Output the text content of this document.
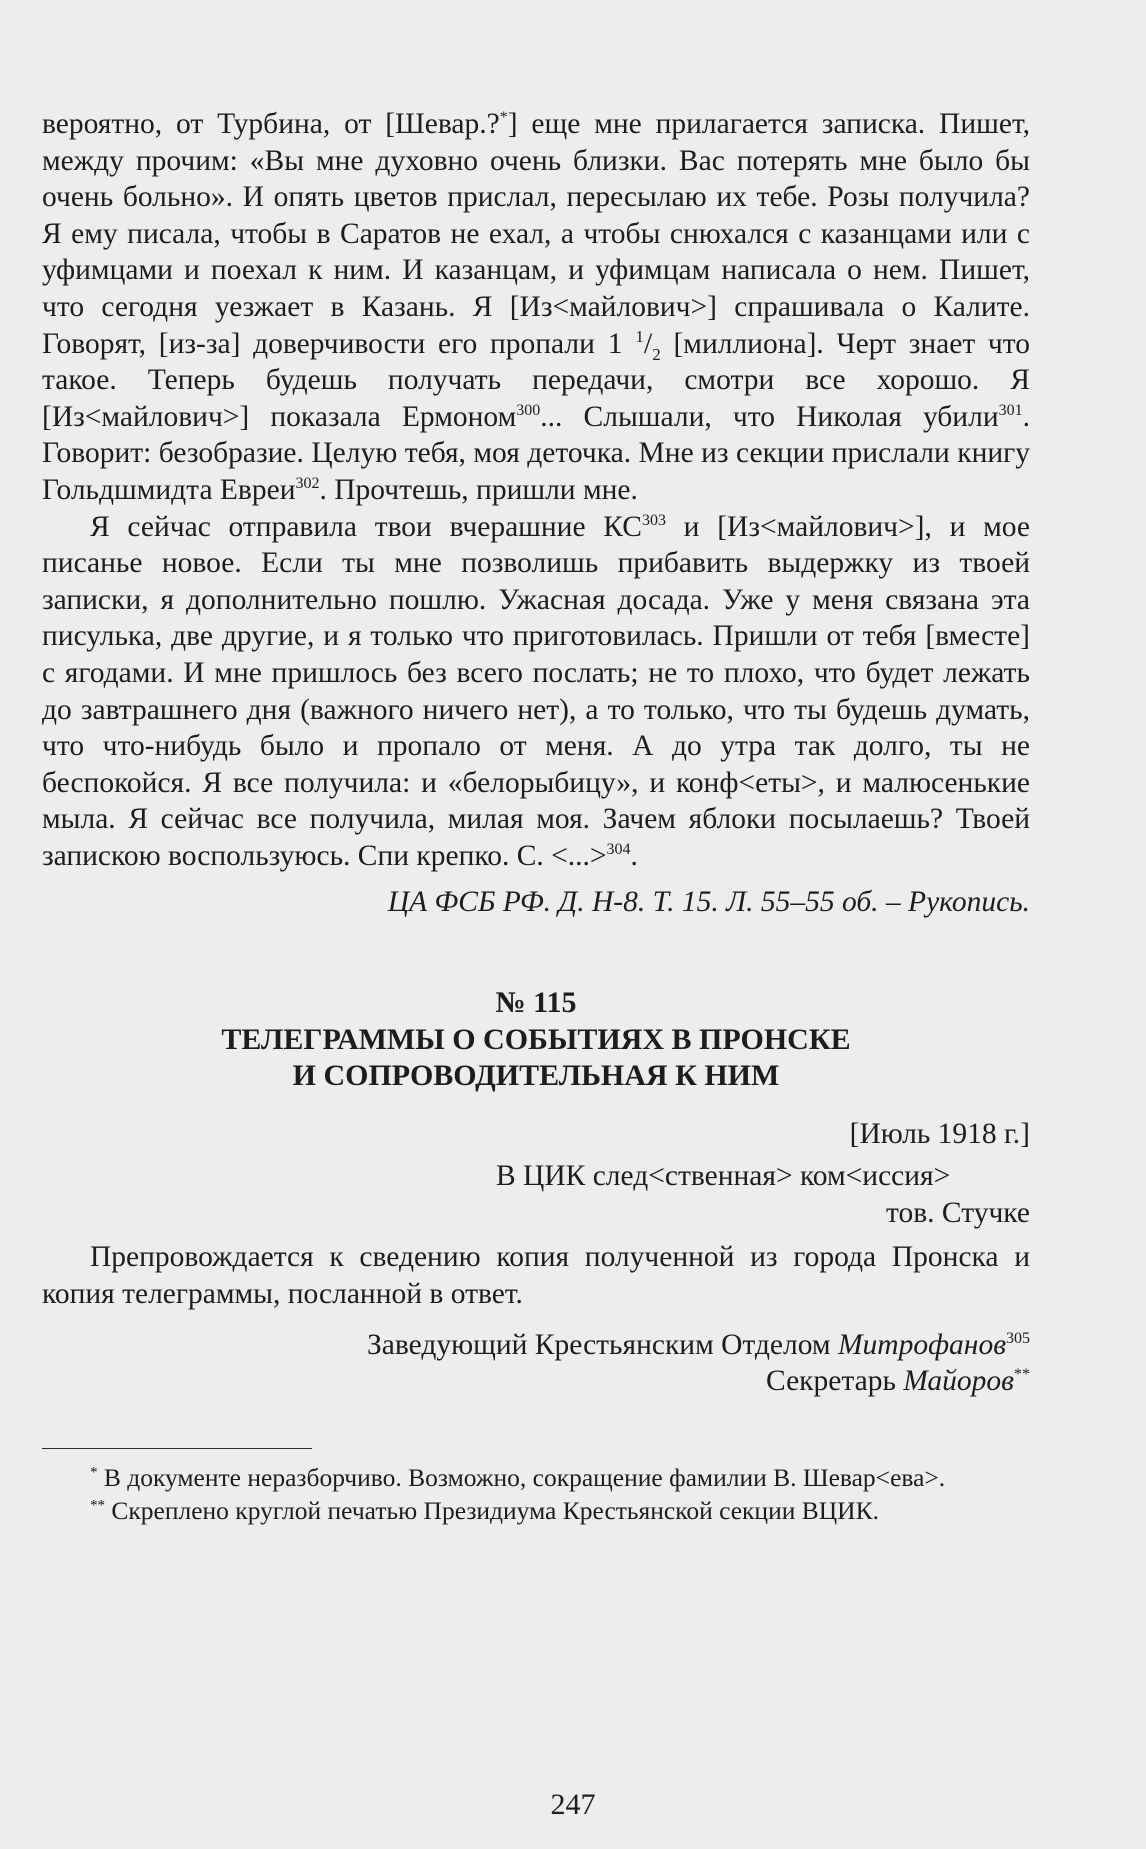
вероятно, от Турбина, от [Шевар.?*] еще мне прилагается записка. Пишет, между прочим: «Вы мне духовно очень близки. Вас потерять мне было бы очень больно». И опять цветов прислал, пересылаю их тебе. Розы получила? Я ему писала, чтобы в Саратов не ехал, а чтобы снюхался с казанцами или с уфимцами и поехал к ним. И казанцам, и уфимцам написала о нем. Пишет, что сегодня уезжает в Казань. Я [Из<майлович>] спрашивала о Калите. Говорят, [из-за] доверчивости его пропали 1 $^1/_2$ [миллиона]. Черт знает что такое. Теперь будешь получать передачи, смотри все хорошо. Я [Из<майлович>] показала Ермоном$^{300}$... Слышали, что Николая убили$^{301}$. Говорит: безобразие. Целую тебя, моя деточка. Мне из секции прислали книгу Гольдшмидта Евреи$^{302}$. Прочтешь, пришли мне.

Я сейчас отправила твои вчерашние КС$^{303}$ и [Из<майлович>], и мое писанье новое. Если ты мне позволишь прибавить выдержку из твоей записки, я дополнительно пошлю. Ужасная досада. Уже у меня связана эта писулька, две другие, и я только что приготовилась. Пришли от тебя [вместе] с ягодами. И мне пришлось без всего послать; не то плохо, что будет лежать до завтрашнего дня (важного ничего нет), а то только, что ты будешь думать, что что-нибудь было и пропало от меня. А до утра так долго, ты не беспокойся. Я все получила: и «белорыбицу», и конф<еты>, и малюсенькие мыла. Я сейчас все получила, милая моя. Зачем яблоки посылаешь? Твоей запискою воспользуюсь. Спи крепко. С. <...>$^{304}$.

ЦА ФСБ РФ. Д. Н-8. Т. 15. Л. 55–55 об. – Рукопись.

№ 115

ТЕЛЕГРАММЫ О СОБЫТИЯХ В ПРОНСКЕ

И СОПРОВОДИТЕЛЬНАЯ К НИМ

[Июль 1918 г.]

В ЦИК след<ственная> ком<иссия>

тов. Стучке

Препровождается к сведению копия полученной из города Пронска и копия телеграммы, посланной в ответ.

Заведующий Крестьянским Отделом Митрофанов$^{305}$

Секретарь Майоров**

* В документе неразборчиво. Возможно, сокращение фамилии В. Шевар<ева>.

** Скреплено круглой печатью Президиума Крестьянской секции ВЦИК.

247
